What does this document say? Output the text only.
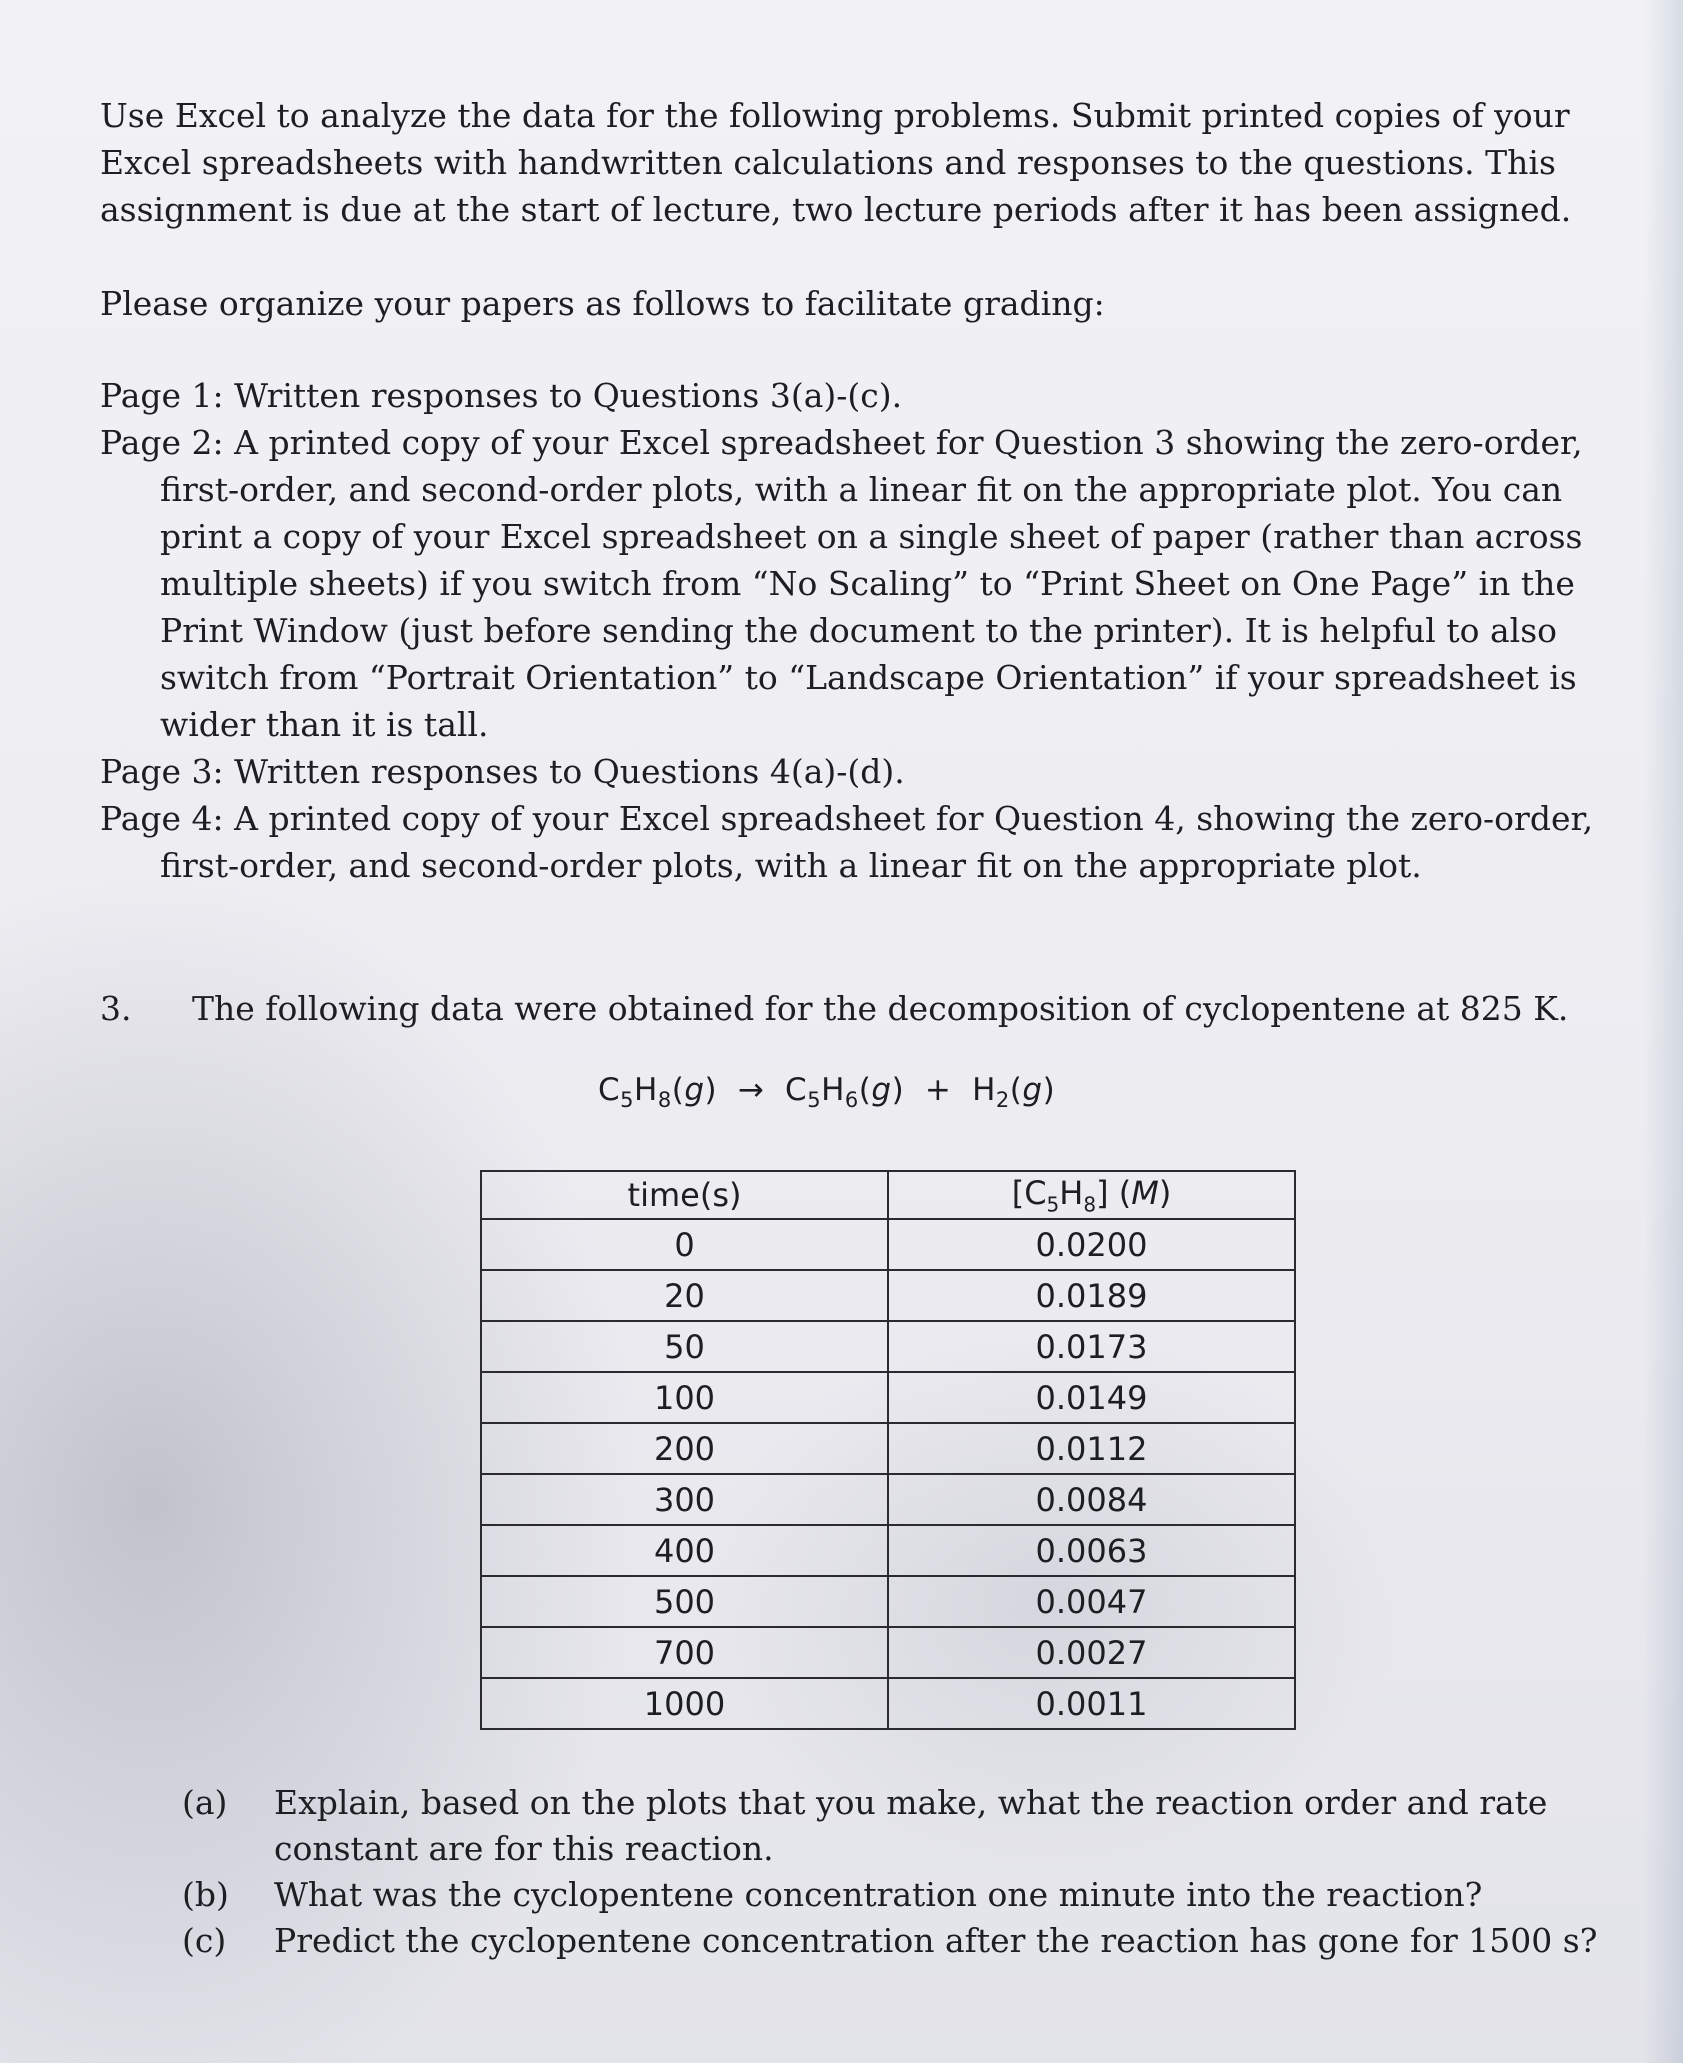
Use Excel to analyze the data for the following problems. Submit printed copies of your Excel spreadsheets with handwritten calculations and responses to the questions. This assignment is due at the start of lecture, two lecture periods after it has been assigned.

Please organize your papers as follows to facilitate grading:

Page 1: Written responses to Questions 3(a)-(c).
Page 2: A printed copy of your Excel spreadsheet for Question 3 showing the zero-order, first-order, and second-order plots, with a linear fit on the appropriate plot. You can print a copy of your Excel spreadsheet on a single sheet of paper (rather than across multiple sheets) if you switch from “No Scaling” to “Print Sheet on One Page” in the Print Window (just before sending the document to the printer). It is helpful to also switch from “Portrait Orientation” to “Landscape Orientation” if your spreadsheet is wider than it is tall.
Page 3: Written responses to Questions 4(a)-(d).
Page 4: A printed copy of your Excel spreadsheet for Question 4, showing the zero-order, first-order, and second-order plots, with a linear fit on the appropriate plot.
3. The following data were obtained for the decomposition of cyclopentene at 825 K.
$C_5H_8(g) \to C_5H_6(g) + H_2(g)$
time(s)	$[C_5H_8]$ (M)
0	0.0200
20	0.0189
50	0.0173
100	0.0149
200	0.0112
300	0.0084
400	0.0063
500	0.0047
700	0.0027
1000	0.0011
(a) Explain, based on the plots that you make, what the reaction order and rate constant are for this reaction.
(b) What was the cyclopentene concentration one minute into the reaction?
(c) Predict the cyclopentene concentration after the reaction has gone for 1500 s?
